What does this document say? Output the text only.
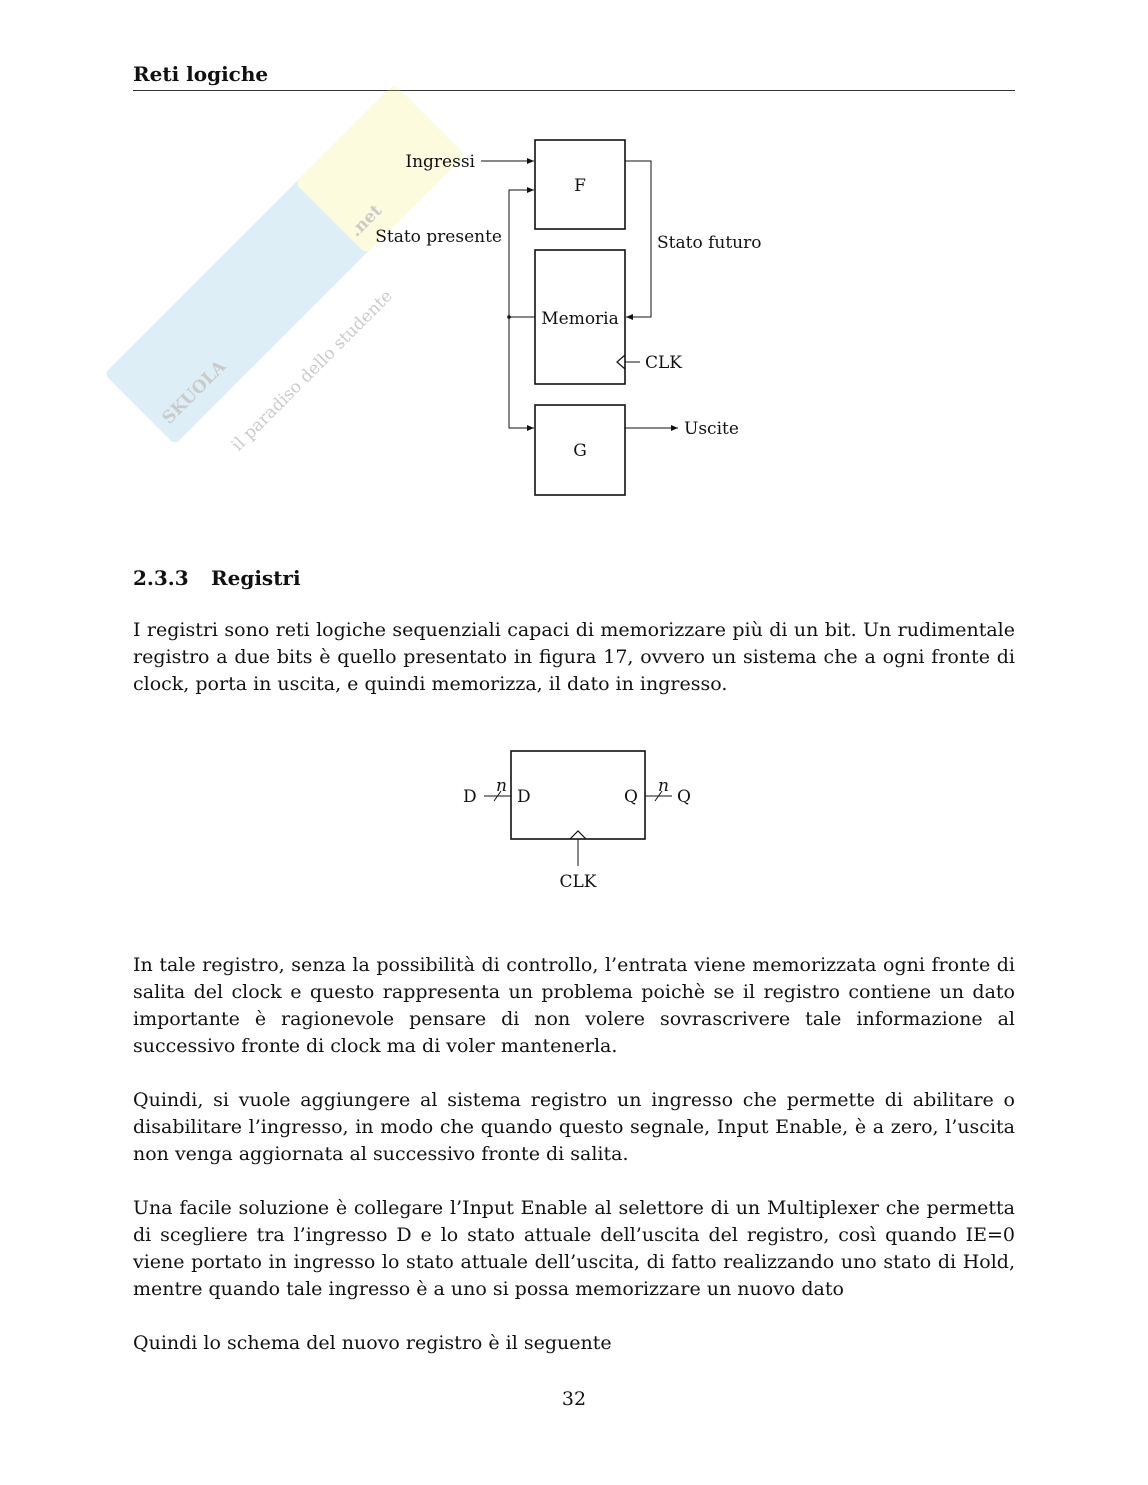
Reti logiche
SKUOLA
.net
il paradiso dello studente
F
Memoria
CLK
G
Ingressi
Stato presente	Stato futuro
Uscite
D
n
D	Q
n
Q
CLK
2.3.3 Registri

I registri sono reti logiche sequenziali capaci di memorizzare più di un bit. Un rudimentale registro a due bits è quello presentato in figura 17, ovvero un sistema che a ogni fronte di clock, porta in uscita, e quindi memorizza, il dato in ingresso.

In tale registro, senza la possibilità di controllo, l’entrata viene memorizzata ogni fronte di salita del clock e questo rappresenta un problema poichè se il registro contiene un dato importante è ragionevole pensare di non volere sovrascrivere tale informazione al successivo fronte di clock ma di voler mantenerla.

Quindi, si vuole aggiungere al sistema registro un ingresso che permette di abilitare o disabilitare l’ingresso, in modo che quando questo segnale, Input Enable, è a zero, l’uscita non venga aggiornata al successivo fronte di salita.

Una facile soluzione è collegare l’Input Enable al selettore di un Multiplexer che permetta di scegliere tra l’ingresso D e lo stato attuale dell’uscita del registro, così quando IE=0 viene portato in ingresso lo stato attuale dell’uscita, di fatto realizzando uno stato di Hold, mentre quando tale ingresso è a uno si possa memorizzare un nuovo dato

Quindi lo schema del nuovo registro è il seguente

32
